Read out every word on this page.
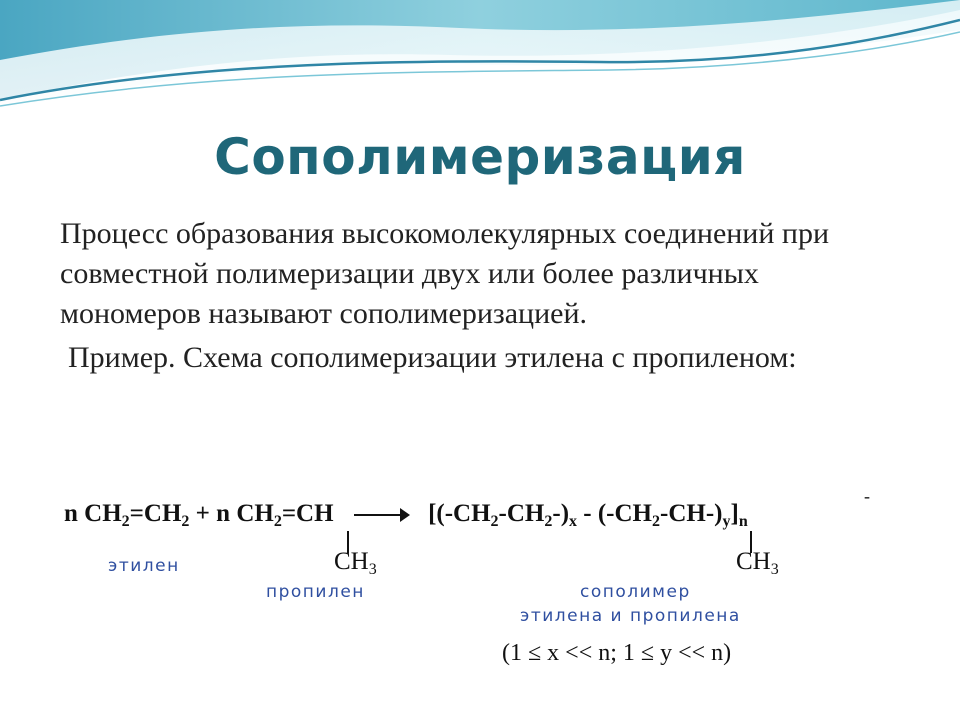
Сополимеризация

Процесс образования высокомолекулярных соединений при совместной полимеризации двух или более различных мономеров называют сополимеризацией.

Пример. Схема сополимеризации этилена с пропиленом:

-
n $CH_2=CH_2 + n$ $CH_2=CH$	$[(-CH_2-CH_2-)_x - (-CH_2-CH-)_y]_n$
$CH_3$	$CH_3$
этилен
пропилен	сополимер
этилена и пропилена
(1 ≤ x << n; 1 ≤ y << n)
